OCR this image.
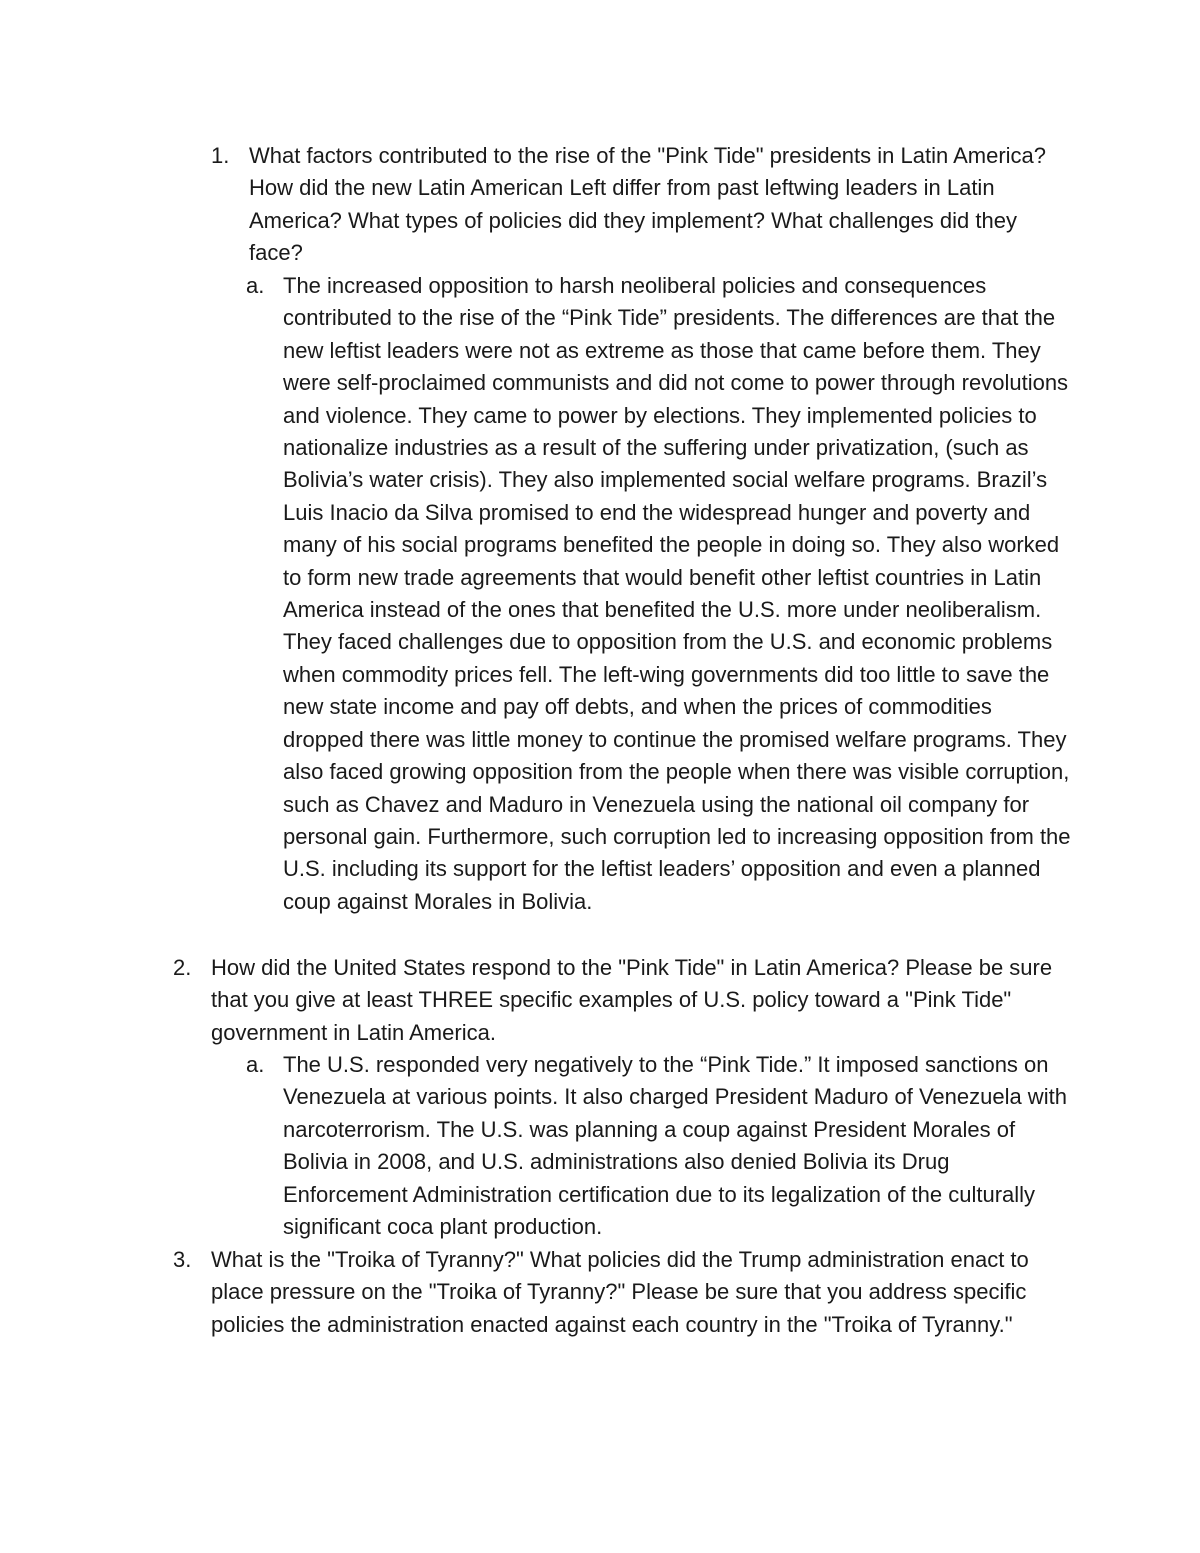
1. What factors contributed to the rise of the "Pink Tide" presidents in Latin America? How did the new Latin American Left differ from past leftwing leaders in Latin America? What types of policies did they implement? What challenges did they face?

a. The increased opposition to harsh neoliberal policies and consequences contributed to the rise of the “Pink Tide” presidents. The differences are that the new leftist leaders were not as extreme as those that came before them. They were self-proclaimed communists and did not come to power through revolutions and violence. They came to power by elections. They implemented policies to nationalize industries as a result of the suffering under privatization, (such as Bolivia’s water crisis). They also implemented social welfare programs. Brazil’s Luis Inacio da Silva promised to end the widespread hunger and poverty and many of his social programs benefited the people in doing so. They also worked to form new trade agreements that would benefit other leftist countries in Latin America instead of the ones that benefited the U.S. more under neoliberalism. They faced challenges due to opposition from the U.S. and economic problems when commodity prices fell. The left-wing governments did too little to save the new state income and pay off debts, and when the prices of commodities dropped there was little money to continue the promised welfare programs. They also faced growing opposition from the people when there was visible corruption, such as Chavez and Maduro in Venezuela using the national oil company for personal gain. Furthermore, such corruption led to increasing opposition from the U.S. including its support for the leftist leaders’ opposition and even a planned coup against Morales in Bolivia.

2. How did the United States respond to the "Pink Tide" in Latin America? Please be sure that you give at least THREE specific examples of U.S. policy toward a "Pink Tide" government in Latin America.

a. The U.S. responded very negatively to the “Pink Tide.” It imposed sanctions on Venezuela at various points. It also charged President Maduro of Venezuela with narcoterrorism. The U.S. was planning a coup against President Morales of Bolivia in 2008, and U.S. administrations also denied Bolivia its Drug Enforcement Administration certification due to its legalization of the culturally significant coca plant production.

3. What is the "Troika of Tyranny?" What policies did the Trump administration enact to place pressure on the "Troika of Tyranny?" Please be sure that you address specific policies the administration enacted against each country in the "Troika of Tyranny."
